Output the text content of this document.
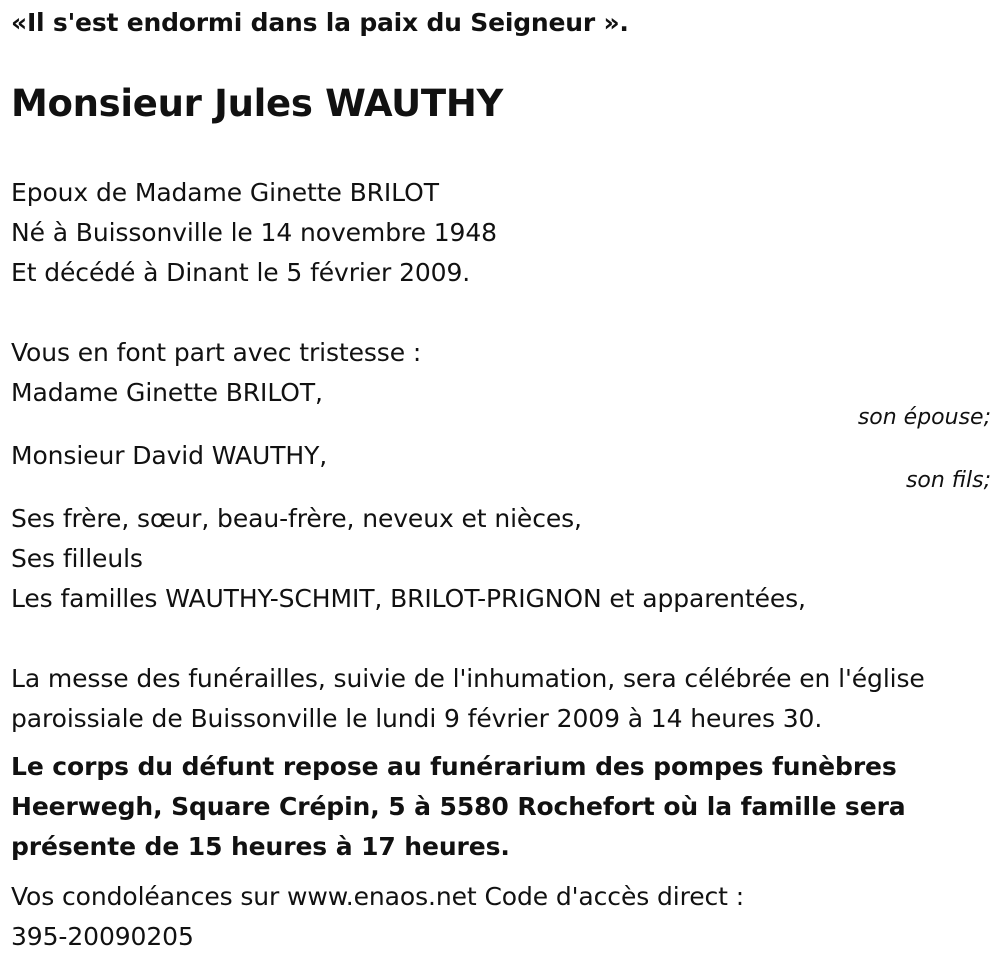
«Il s'est endormi dans la paix du Seigneur ».
Monsieur Jules WAUTHY
Epoux de Madame Ginette BRILOT
Né à Buissonville le 14 novembre 1948
Et décédé à Dinant le 5 février 2009.
Vous en font part avec tristesse :
Madame Ginette BRILOT,
son épouse;
Monsieur David WAUTHY,
son fils;
Ses frère, sœur, beau-frère, neveux et nièces,
Ses filleuls
Les familles WAUTHY-SCHMIT, BRILOT-PRIGNON et apparentées,
La messe des funérailles, suivie de l'inhumation, sera célébrée en l'église
paroissiale de Buissonville le lundi 9 février 2009 à 14 heures 30.
Le corps du défunt repose au funérarium des pompes funèbres
Heerwegh, Square Crépin, 5 à 5580 Rochefort où la famille sera
présente de 15 heures à 17 heures.
Vos condoléances sur www.enaos.net Code d'accès direct :
395-20090205
